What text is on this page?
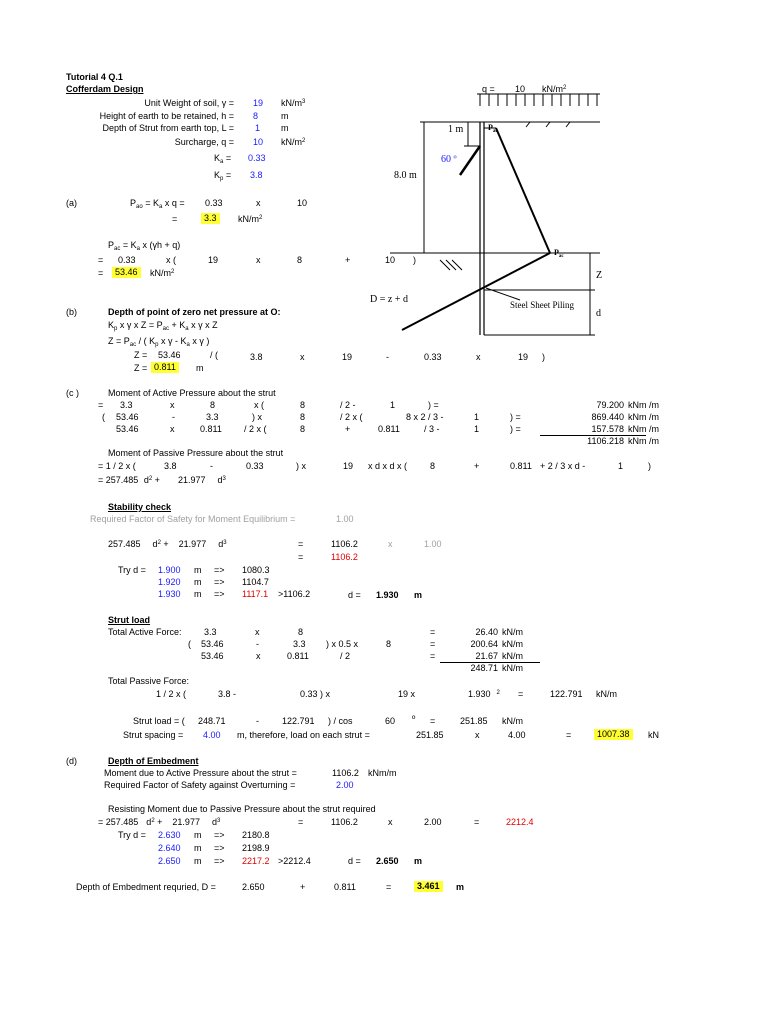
Tutorial 4 Q.1
Cofferdam Design	q = 10 $kN/m^2$
Unit Weight of soil, γ = 19 $kN/m^3$
Height of earth to be retained, h = 8	m
Depth of Strut from earth top, L = 1 m
Surcharge, q = 10 $kN/m^2$
$K_a = 0.33$
$K_p = 3.8$
1 m	$P_{ao}$
60 º
8.0 m
$P_{ac}$
Z
d
D = z + d	Steel Sheet Piling
(a)	$P_{ao} = K_a$ x q = 0.33	x	10
=	3.3	$kN/m^2$
$P_{ac} = K_a$ x (γh + q)
= 0.33	x (	19	x	8	+	10 )
=	53.46	$kN/m^2$
(b)	Depth of point of zero net pressure at O:
$K_p$ x γ x $Z = P_{ac} + K_a$ x γ x Z
$Z = P_{ac}$ / ( $K_p$ x γ - $K_a$ x γ )
Z = 53.46	/ (	3.8	x	19	-	0.33	x	19 )
Z = 0.811	m
(c )	Moment of Active Pressure about the strut
= 3.3	x	8	x (	8	/ 2 -	1	) =	79.200 kNm /m
( 53.46	-	3.3	) x	8	/ 2 x (	8 x 2 / 3 -	1	) =	869.440 kNm /m
53.46	x	0.811 / 2 x (	8	+	0.811	/ 3 -	1	) =	157.578 kNm /m
1106.218 kNm /m
Moment of Passive Pressure about the strut
= 1 / 2 x (	3.8	-	0.33	) x	19 x d x d x (	8	+	0.811 + 2 / 3 x d -	1	)
= 257.485 $d^2 + 21.977$ $d^3$
Stability check
Required Factor of Safety for Moment Equilibrium =	1.00
257.485 $d^2 + 21.977$ $d^3$	=	1106.2	x	1.00
=	1106.2
Try d = 1.900 m => 1080.3
1.920 m => 1104.7
1.930 m => 1117.1 >1106.2	d = 1.930 m
Strut load
Total Active Force: 3.3	x	8	=	26.40 kN/m
( 53.46	-	3.3 ) x 0.5 x	8	=	200.64 kN/m
53.46	x	0.811	/ 2	=	21.67 kN/m
248.71 kN/m
Total Passive Force:
1 / 2 x (	3.8 -	0.33 ) x	19 x	1.930 $^2$ =	122.791 kN/m
Strut load = ( 248.71	-	122.791 ) / cos	60 º =	251.85 kN/m
Strut spacing = 4.00 m, therefore, load on each strut =	251.85	x	4.00	=	1007.38	kN
(d)	Depth of Embedment
Moment due to Active Pressure about the strut =	1106.2 kNm/m
Required Factor of Safety against Overturning =	2.00
Resisting Moment due to Passive Pressure about the strut required
= 257.485 $d^2 + 21.977$ $d^3$	=	1106.2	x	2.00	=	2212.4
Try d = 2.630 m => 2180.8
2.640 m => 2198.9
2.650 m => 2217.2 >2212.4	d = 2.650 m
Depth of Embedment requried, D =	2.650	+	0.811	=	3.461	m
